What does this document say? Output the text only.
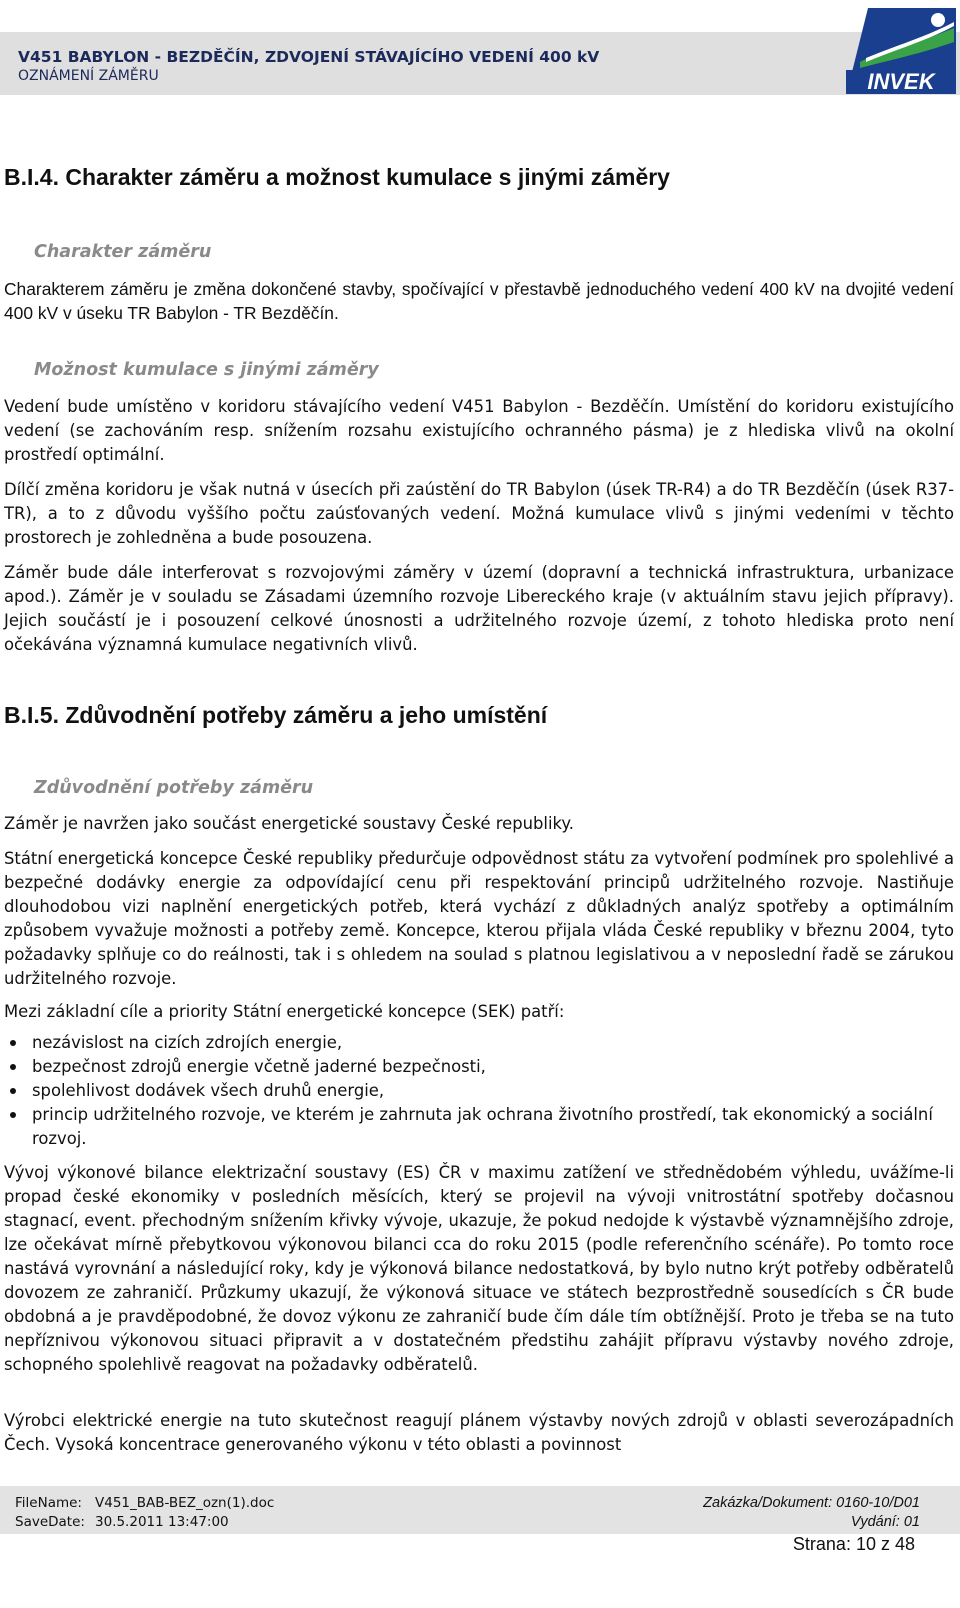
V451 BABYLON - BEZDĚČÍN, ZDVOJENÍ STÁVAJÍCÍHO VEDENÍ 400 kV
OZNÁMENÍ ZÁMĚRU	INVEK
B.I.4. Charakter záměru a možnost kumulace s jinými záměry
Charakter záměru
Charakterem záměru je změna dokončené stavby, spočívající v přestavbě jednoduchého vedení 400 kV na dvojité vedení 400 kV v úseku TR Babylon - TR Bezděčín.
Možnost kumulace s jinými záměry
Vedení bude umístěno v koridoru stávajícího vedení V451 Babylon - Bezděčín. Umístění do koridoru existujícího vedení (se zachováním resp. snížením rozsahu existujícího ochranného pásma) je z hlediska vlivů na okolní prostředí optimální.
Dílčí změna koridoru je však nutná v úsecích při zaústění do TR Babylon (úsek TR-R4) a do TR Bezděčín (úsek R37-TR), a to z důvodu vyššího počtu zaúsťovaných vedení. Možná kumulace vlivů s jinými vedeními v těchto prostorech je zohledněna a bude posouzena.
Záměr bude dále interferovat s rozvojovými záměry v území (dopravní a technická infrastruktura, urbanizace apod.). Záměr je v souladu se Zásadami územního rozvoje Libereckého kraje (v aktuálním stavu jejich přípravy). Jejich součástí je i posouzení celkové únosnosti a udržitelného rozvoje území, z tohoto hlediska proto není očekávána významná kumulace negativních vlivů.
B.I.5. Zdůvodnění potřeby záměru a jeho umístění
Zdůvodnění potřeby záměru
Záměr je navržen jako součást energetické soustavy České republiky.
Státní energetická koncepce České republiky předurčuje odpovědnost státu za vytvoření podmínek pro spolehlivé a bezpečné dodávky energie za odpovídající cenu při respektování principů udržitelného rozvoje. Nastiňuje dlouhodobou vizi naplnění energetických potřeb, která vychází z důkladných analýz spotřeby a optimálním způsobem vyvažuje možnosti a potřeby země. Koncepce, kterou přijala vláda České republiky v březnu 2004, tyto požadavky splňuje co do reálnosti, tak i s ohledem na soulad s platnou legislativou a v neposlední řadě se zárukou udržitelného rozvoje.
Mezi základní cíle a priority Státní energetické koncepce (SEK) patří:
nezávislost na cizích zdrojích energie,
bezpečnost zdrojů energie včetně jaderné bezpečnosti,
spolehlivost dodávek všech druhů energie,
princip udržitelného rozvoje, ve kterém je zahrnuta jak ochrana životního prostředí, tak ekonomický a sociální rozvoj.
Vývoj výkonové bilance elektrizační soustavy (ES) ČR v maximu zatížení ve střednědobém výhledu, uvážíme-li propad české ekonomiky v posledních měsících, který se projevil na vývoji vnitrostátní spotřeby dočasnou stagnací, event. přechodným snížením křivky vývoje, ukazuje, že pokud nedojde k výstavbě významnějšího zdroje, lze očekávat mírně přebytkovou výkonovou bilanci cca do roku 2015 (podle referenčního scénáře). Po tomto roce nastává vyrovnání a následující roky, kdy je výkonová bilance nedostatková, by bylo nutno krýt potřeby odběratelů dovozem ze zahraničí. Průzkumy ukazují, že výkonová situace ve státech bezprostředně sousedících s ČR bude obdobná a je pravděpodobné, že dovoz výkonu ze zahraničí bude čím dále tím obtížnější. Proto je třeba se na tuto nepříznivou výkonovou situaci připravit a v dostatečném předstihu zahájit přípravu výstavby nového zdroje, schopného spolehlivě reagovat na požadavky odběratelů.
Výrobci elektrické energie na tuto skutečnost reagují plánem výstavby nových zdrojů v oblasti severozápadních Čech. Vysoká koncentrace generovaného výkonu v této oblasti a povinnost
FileName: V451_BAB-BEZ_ozn(1).doc
SaveDate: 30.5.2011 13:47:00
Zakázka/Dokument: 0160-10/D01
Vydání: 01
Strana: 10 z 48
